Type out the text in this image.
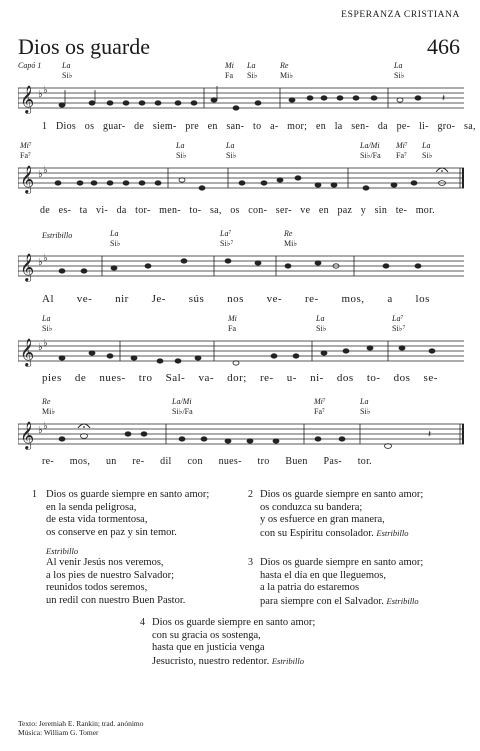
ESPERANZA CRISTIANA
Dios os guarde	466
Capó 1	La
Si♭
Mi
Fa
La
Si♭
Re
Mi♭
La
Si♭
𝄞 ♭ ♭
𝄽
1 Dios os guar- de siem- pre en san- to a- mor; en la sen- da pe- li- gro- sa,
Mi⁷
Fa⁷
La
Si♭
La
Si♭
La/Mi
Si♭/Fa
Mi⁷
Fa⁷
La
Si♭
𝄞 ♭ ♭
de es- ta vi- da tor- men- to- sa, os con- ser- ve en paz y sin te- mor.
Estribillo	La
Si♭
La⁷
Si♭⁷
Re
Mi♭
𝄞 ♭ ♭
Al ve- nir Je- sús nos ve- re- mos, a los
La
Si♭
Mi
Fa
La
Si♭
La⁷
Si♭⁷
𝄞 ♭ ♭
pies de nues- tro Sal- va- dor; re- u- ni- dos to- dos se-
Re
Mi♭
La/Mi
Si♭/Fa
Mi⁷
Fa⁷
La
Si♭
𝄞 ♭ ♭
𝄽
re- mos, un re- dil con nues- tro Buen Pas- tor.
1 Dios os guarde siempre en santo amor;
en la senda peligrosa,
de esta vida tormentosa,
os conserve en paz y sin temor.
2 Dios os guarde siempre en santo amor;
os conduzca su bandera;
y os esfuerce en gran manera,
con su Espíritu consolador. Estribillo
Estribillo
Al venir Jesús nos veremos,
a los pies de nuestro Salvador;
reunidos todos seremos,
un redil con nuestro Buen Pastor.
3 Dios os guarde siempre en santo amor;
hasta el día en que lleguemos,
a la patria do estaremos
para siempre con el Salvador. Estribillo
4 Dios os guarde siempre en santo amor;
con su gracia os sostenga,
hasta que en justicia venga
Jesucristo, nuestro redentor. Estribillo
Texto: Jeremiah E. Rankin; trad. anónimo
Música: William G. Tomer
